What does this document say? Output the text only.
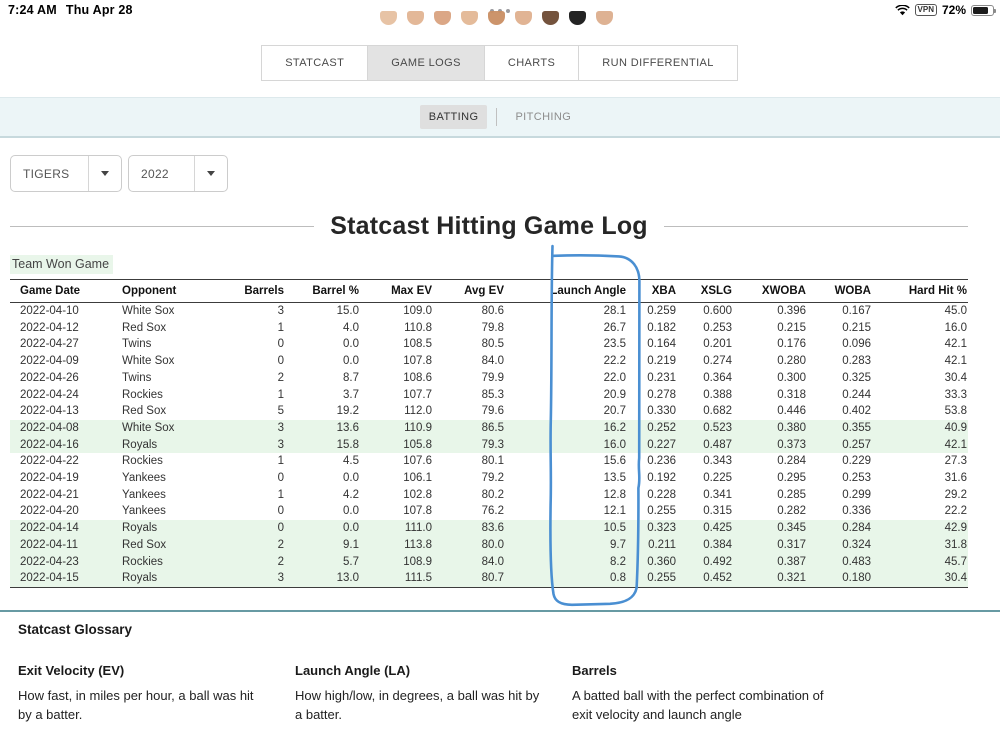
7:24 AM Thu Apr 28	VPN 72%
STATCAST	GAME LOGS	CHARTS	RUN DIFFERENTIAL
BATTING	PITCHING
TIGERS	2022
Statcast Hitting Game Log
Team Won Game
Game Date	Opponent	Barrels	Barrel %	Max EV	Avg EV	Launch Angle	XBA	XSLG	XWOBA	WOBA	Hard Hit %
2022-04-10	White Sox	3	15.0	109.0	80.6	28.1	0.259	0.600	0.396	0.167	45.0
2022-04-12	Red Sox	1	4.0	110.8	79.8	26.7	0.182	0.253	0.215	0.215	16.0
2022-04-27	Twins	0	0.0	108.5	80.5	23.5	0.164	0.201	0.176	0.096	42.1
2022-04-09	White Sox	0	0.0	107.8	84.0	22.2	0.219	0.274	0.280	0.283	42.1
2022-04-26	Twins	2	8.7	108.6	79.9	22.0	0.231	0.364	0.300	0.325	30.4
2022-04-24	Rockies	1	3.7	107.7	85.3	20.9	0.278	0.388	0.318	0.244	33.3
2022-04-13	Red Sox	5	19.2	112.0	79.6	20.7	0.330	0.682	0.446	0.402	53.8
2022-04-08	White Sox	3	13.6	110.9	86.5	16.2	0.252	0.523	0.380	0.355	40.9
2022-04-16	Royals	3	15.8	105.8	79.3	16.0	0.227	0.487	0.373	0.257	42.1
2022-04-22	Rockies	1	4.5	107.6	80.1	15.6	0.236	0.343	0.284	0.229	27.3
2022-04-19	Yankees	0	0.0	106.1	79.2	13.5	0.192	0.225	0.295	0.253	31.6
2022-04-21	Yankees	1	4.2	102.8	80.2	12.8	0.228	0.341	0.285	0.299	29.2
2022-04-20	Yankees	0	0.0	107.8	76.2	12.1	0.255	0.315	0.282	0.336	22.2
2022-04-14	Royals	0	0.0	111.0	83.6	10.5	0.323	0.425	0.345	0.284	42.9
2022-04-11	Red Sox	2	9.1	113.8	80.0	9.7	0.211	0.384	0.317	0.324	31.8
2022-04-23	Rockies	2	5.7	108.9	84.0	8.2	0.360	0.492	0.387	0.483	45.7
2022-04-15	Royals	3	13.0	111.5	80.7	0.8	0.255	0.452	0.321	0.180	30.4
Statcast Glossary
Exit Velocity (EV)
How fast, in miles per hour, a ball was hit by a batter.
Launch Angle (LA)
How high/low, in degrees, a ball was hit by a batter.
Barrels
A batted ball with the perfect combination of exit velocity and launch angle
